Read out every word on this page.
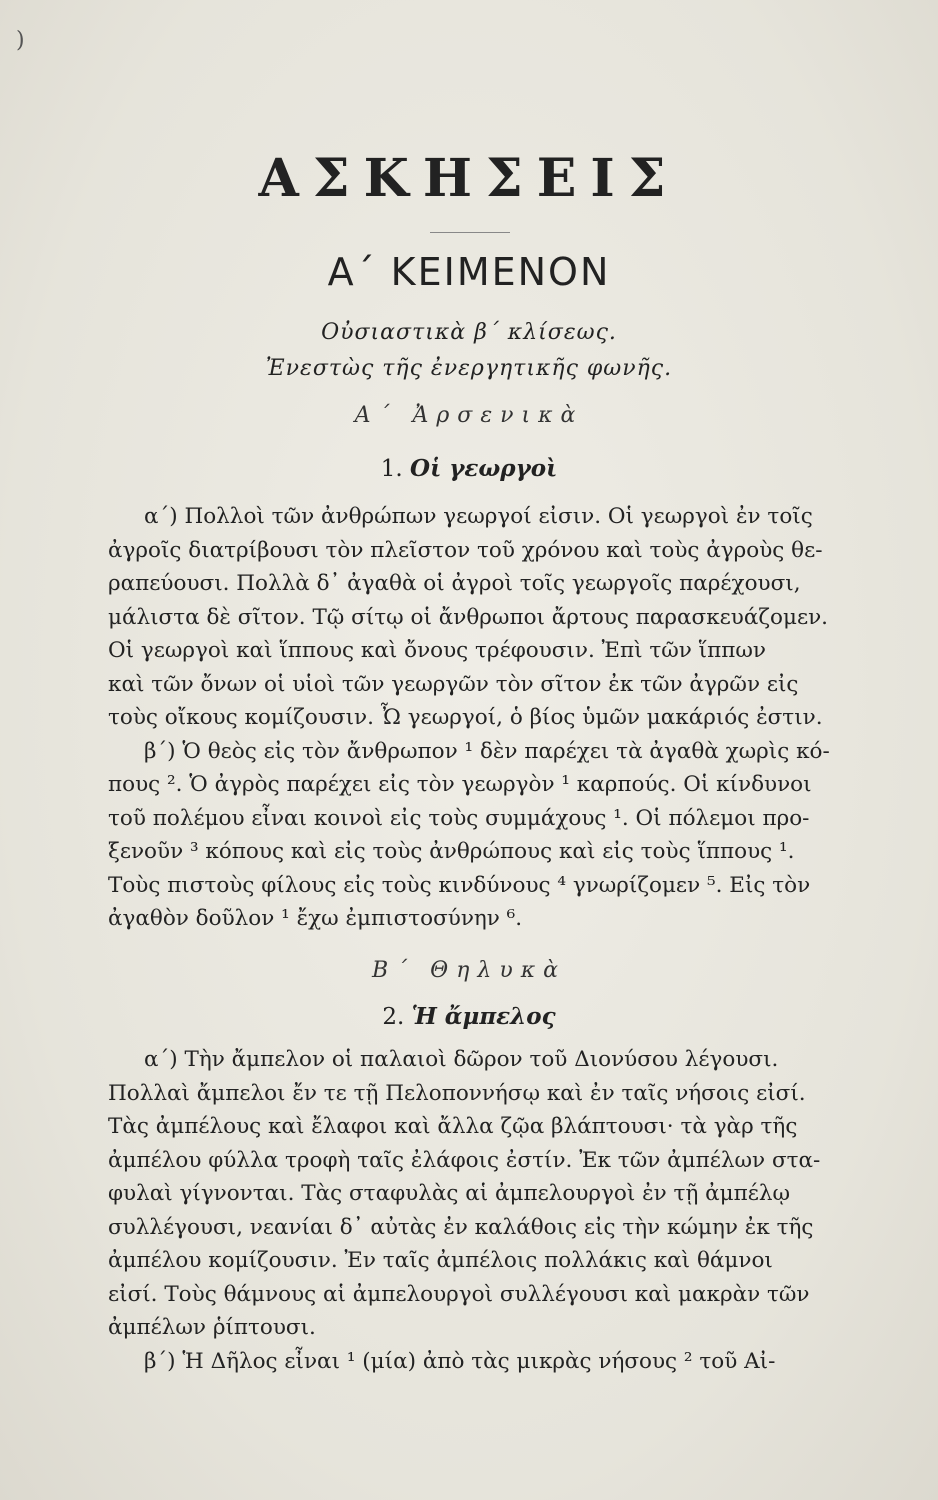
)
ΑΣΚΗΣΕΙΣ
Α΄ ΚΕΙΜΕΝΟΝ
Οὐσιαστικὰ β΄ κλίσεως.
Ἐνεστὼς τῆς ἐνεργητικῆς φωνῆς.
Α΄ Ἀρσενικὰ
1. Οἱ γεωργοὶ
α΄) Πολλοὶ τῶν ἀνθρώπων γεωργοί εἰσιν. Οἱ γεωργοὶ ἐν τοῖς
ἀγροῖς διατρίβουσι τὸν πλεῖστον τοῦ χρόνου καὶ τοὺς ἀγροὺς θε-
ραπεύουσι. Πολλὰ δ᾽ ἀγαθὰ οἱ ἀγροὶ τοῖς γεωργοῖς παρέχουσι,
μάλιστα δὲ σῖτον. Τῷ σίτῳ οἱ ἄνθρωποι ἄρτους παρασκευάζομεν.
Οἱ γεωργοὶ καὶ ἵππους καὶ ὄνους τρέφουσιν. Ἐπὶ τῶν ἵππων
καὶ τῶν ὄνων οἱ υἱοὶ τῶν γεωργῶν τὸν σῖτον ἐκ τῶν ἀγρῶν εἰς
τοὺς οἴκους κομίζουσιν. Ὦ γεωργοί, ὁ βίος ὑμῶν μακάριός ἐστιν.
β΄) Ὁ θεὸς εἰς τὸν ἄνθρωπον ¹ δὲν παρέχει τὰ ἀγαθὰ χωρὶς κό-
πους ². Ὁ ἀγρὸς παρέχει εἰς τὸν γεωργὸν ¹ καρπούς. Οἱ κίνδυνοι
τοῦ πολέμου εἶναι κοινοὶ εἰς τοὺς συμμάχους ¹. Οἱ πόλεμοι προ-
ξενοῦν ³ κόπους καὶ εἰς τοὺς ἀνθρώπους καὶ εἰς τοὺς ἵππους ¹.
Τοὺς πιστοὺς φίλους εἰς τοὺς κινδύνους ⁴ γνωρίζομεν ⁵. Εἰς τὸν
ἀγαθὸν δοῦλον ¹ ἔχω ἐμπιστοσύνην ⁶.
Β΄ Θηλυκὰ
2. Ἡ ἄμπελος
α΄) Τὴν ἄμπελον οἱ παλαιοὶ δῶρον τοῦ Διονύσου λέγουσι.
Πολλαὶ ἄμπελοι ἔν τε τῇ Πελοποννήσῳ καὶ ἐν ταῖς νήσοις εἰσί.
Τὰς ἀμπέλους καὶ ἔλαφοι καὶ ἄλλα ζῷα βλάπτουσι· τὰ γὰρ τῆς
ἀμπέλου φύλλα τροφὴ ταῖς ἐλάφοις ἐστίν. Ἐκ τῶν ἀμπέλων στα-
φυλαὶ γίγνονται. Τὰς σταφυλὰς αἱ ἀμπελουργοὶ ἐν τῇ ἀμπέλῳ
συλλέγουσι, νεανίαι δ᾽ αὐτὰς ἐν καλάθοις εἰς τὴν κώμην ἐκ τῆς
ἀμπέλου κομίζουσιν. Ἐν ταῖς ἀμπέλοις πολλάκις καὶ θάμνοι
εἰσί. Τοὺς θάμνους αἱ ἀμπελουργοὶ συλλέγουσι καὶ μακρὰν τῶν
ἀμπέλων ῥίπτουσι.
β΄) Ἡ Δῆλος εἶναι ¹ (μία) ἀπὸ τὰς μικρὰς νήσους ² τοῦ Αἰ-
